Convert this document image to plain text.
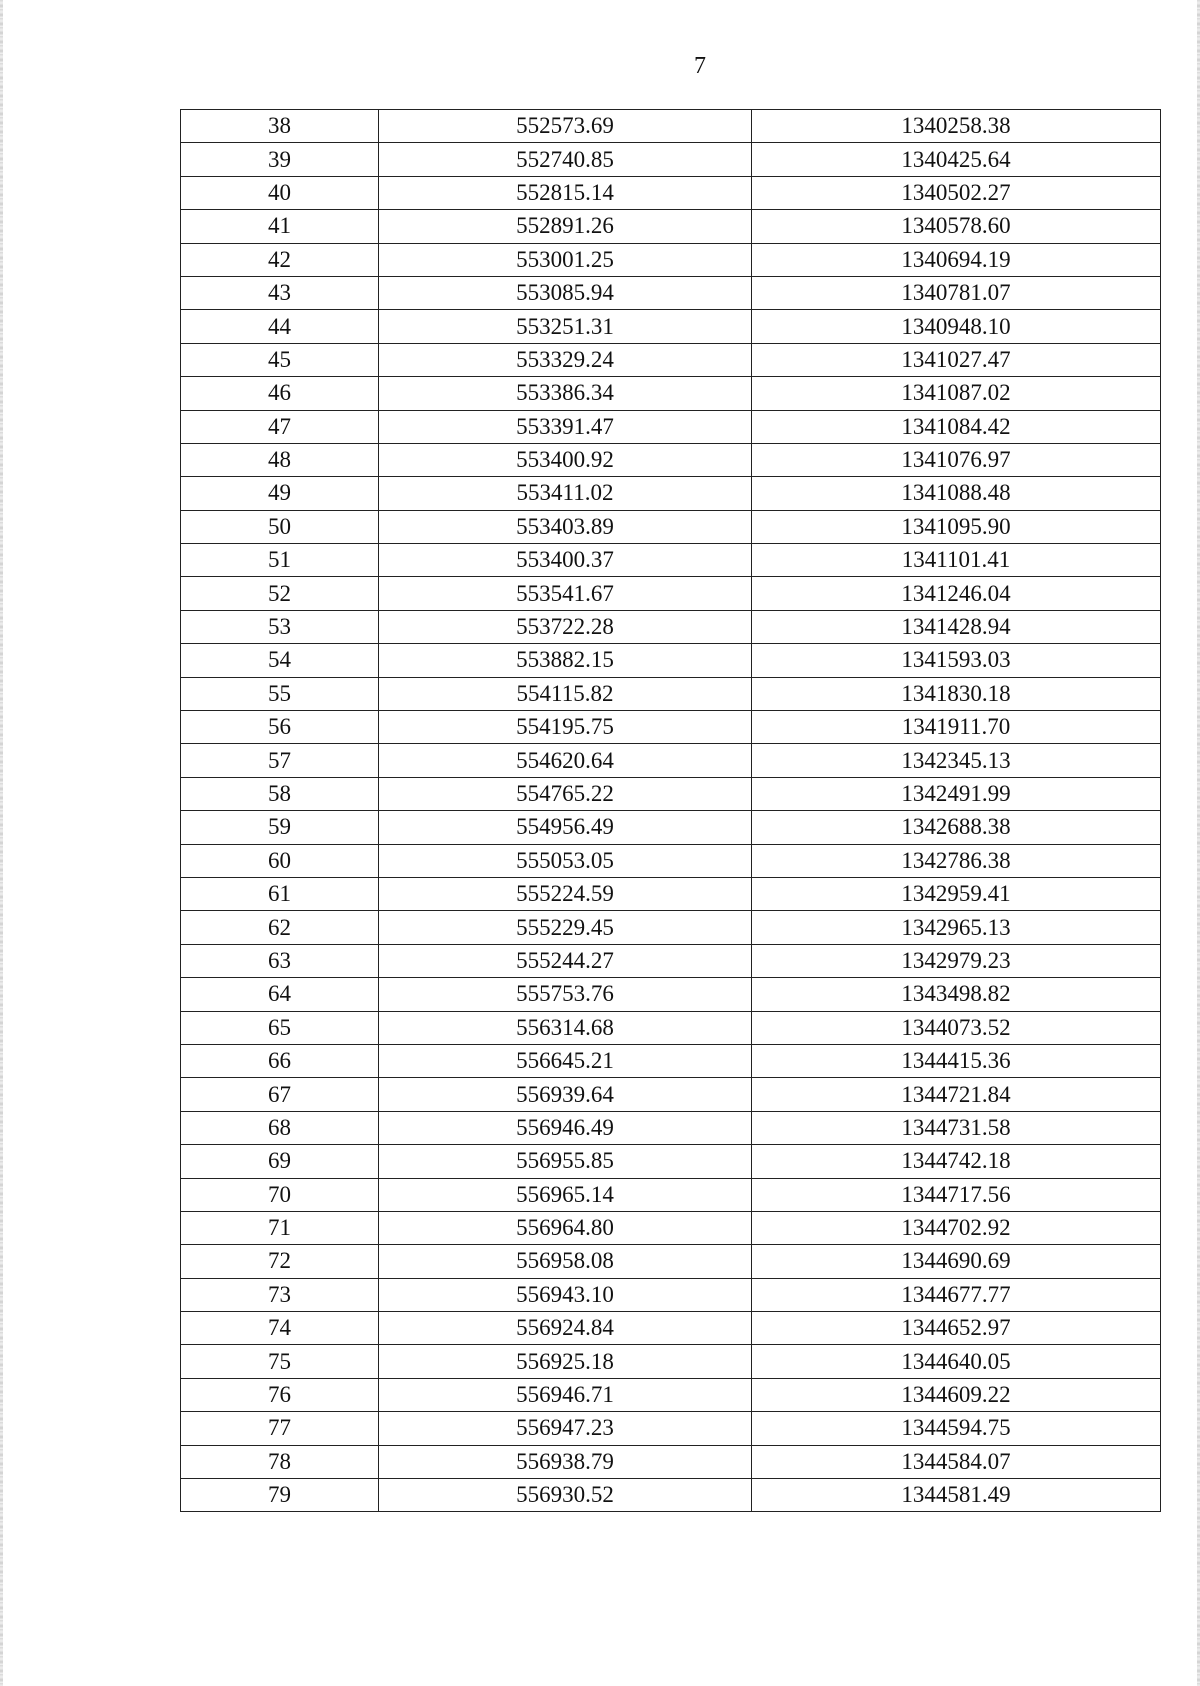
7
38	552573.69	1340258.38
39	552740.85	1340425.64
40	552815.14	1340502.27
41	552891.26	1340578.60
42	553001.25	1340694.19
43	553085.94	1340781.07
44	553251.31	1340948.10
45	553329.24	1341027.47
46	553386.34	1341087.02
47	553391.47	1341084.42
48	553400.92	1341076.97
49	553411.02	1341088.48
50	553403.89	1341095.90
51	553400.37	1341101.41
52	553541.67	1341246.04
53	553722.28	1341428.94
54	553882.15	1341593.03
55	554115.82	1341830.18
56	554195.75	1341911.70
57	554620.64	1342345.13
58	554765.22	1342491.99
59	554956.49	1342688.38
60	555053.05	1342786.38
61	555224.59	1342959.41
62	555229.45	1342965.13
63	555244.27	1342979.23
64	555753.76	1343498.82
65	556314.68	1344073.52
66	556645.21	1344415.36
67	556939.64	1344721.84
68	556946.49	1344731.58
69	556955.85	1344742.18
70	556965.14	1344717.56
71	556964.80	1344702.92
72	556958.08	1344690.69
73	556943.10	1344677.77
74	556924.84	1344652.97
75	556925.18	1344640.05
76	556946.71	1344609.22
77	556947.23	1344594.75
78	556938.79	1344584.07
79	556930.52	1344581.49
